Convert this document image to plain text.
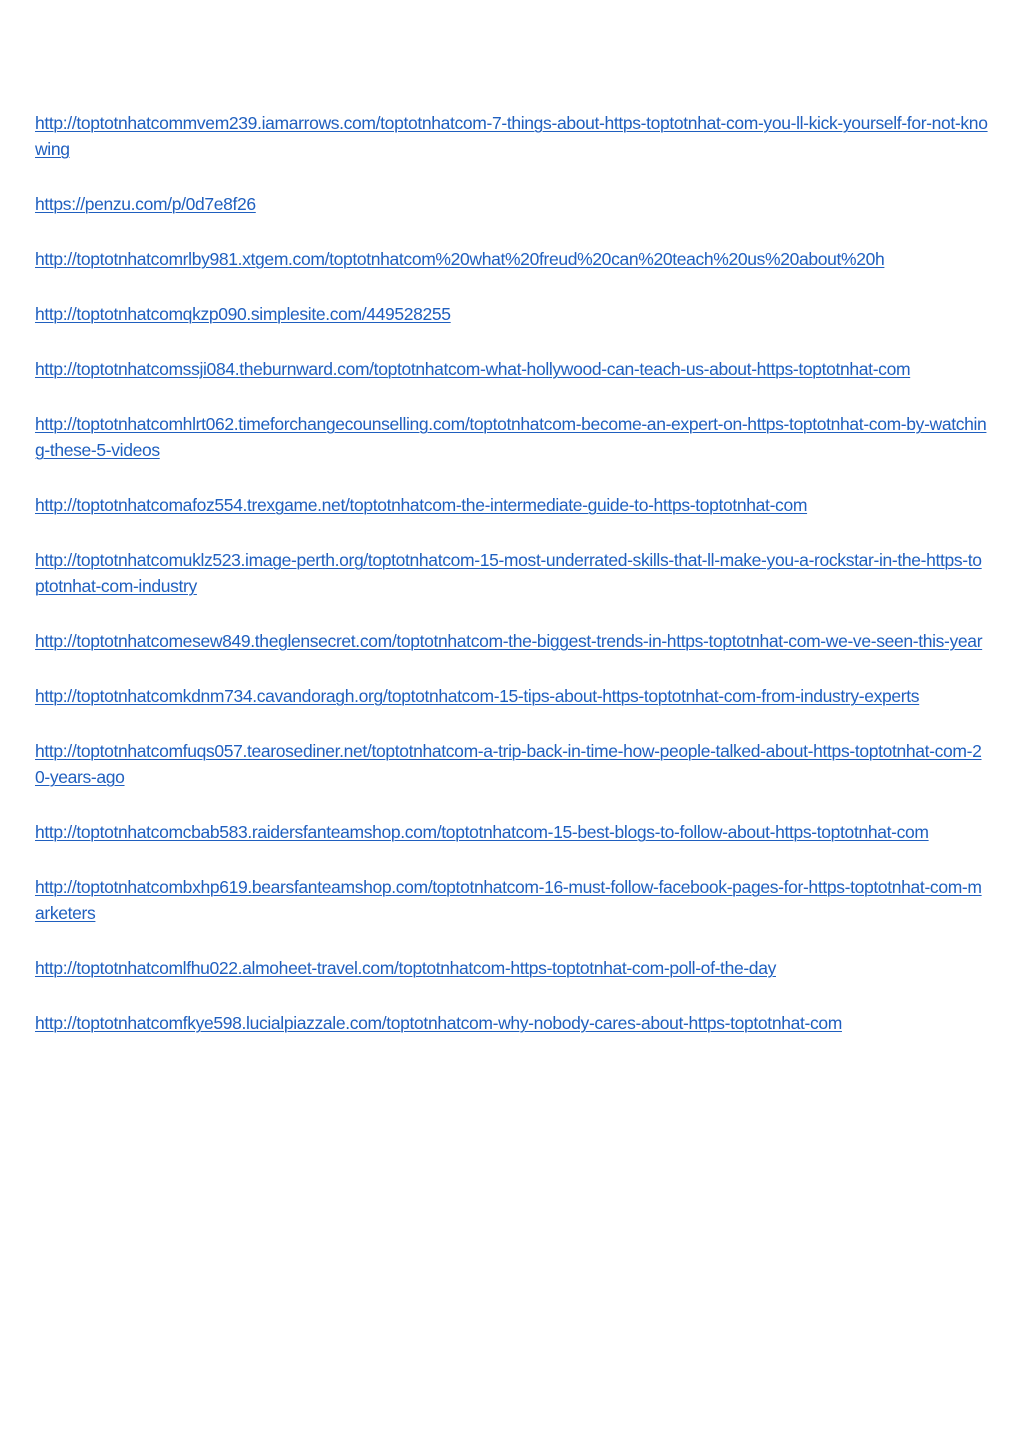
http://toptotnhatcommvem239.iamarrows.com/toptotnhatcom-7-things-about-https-toptotnhat-com-you-ll-kick-yourself-for-not-knowing
https://penzu.com/p/0d7e8f26
http://toptotnhatcomrlby981.xtgem.com/toptotnhatcom%20what%20freud%20can%20teach%20us%20about%20h
http://toptotnhatcomqkzp090.simplesite.com/449528255
http://toptotnhatcomssji084.theburnward.com/toptotnhatcom-what-hollywood-can-teach-us-about-https-toptotnhat-com
http://toptotnhatcomhlrt062.timeforchangecounselling.com/toptotnhatcom-become-an-expert-on-https-toptotnhat-com-by-watching-these-5-videos
http://toptotnhatcomafoz554.trexgame.net/toptotnhatcom-the-intermediate-guide-to-https-toptotnhat-com
http://toptotnhatcomuklz523.image-perth.org/toptotnhatcom-15-most-underrated-skills-that-ll-make-you-a-rockstar-in-the-https-toptotnhat-com-industry
http://toptotnhatcomesew849.theglensecret.com/toptotnhatcom-the-biggest-trends-in-https-toptotnhat-com-we-ve-seen-this-year
http://toptotnhatcomkdnm734.cavandoragh.org/toptotnhatcom-15-tips-about-https-toptotnhat-com-from-industry-experts
http://toptotnhatcomfuqs057.tearosediner.net/toptotnhatcom-a-trip-back-in-time-how-people-talked-about-https-toptotnhat-com-20-years-ago
http://toptotnhatcomcbab583.raidersfanteamshop.com/toptotnhatcom-15-best-blogs-to-follow-about-https-toptotnhat-com
http://toptotnhatcombxhp619.bearsfanteamshop.com/toptotnhatcom-16-must-follow-facebook-pages-for-https-toptotnhat-com-marketers
http://toptotnhatcomlfhu022.almoheet-travel.com/toptotnhatcom-https-toptotnhat-com-poll-of-the-day
http://toptotnhatcomfkye598.lucialpiazzale.com/toptotnhatcom-why-nobody-cares-about-https-toptotnhat-com
